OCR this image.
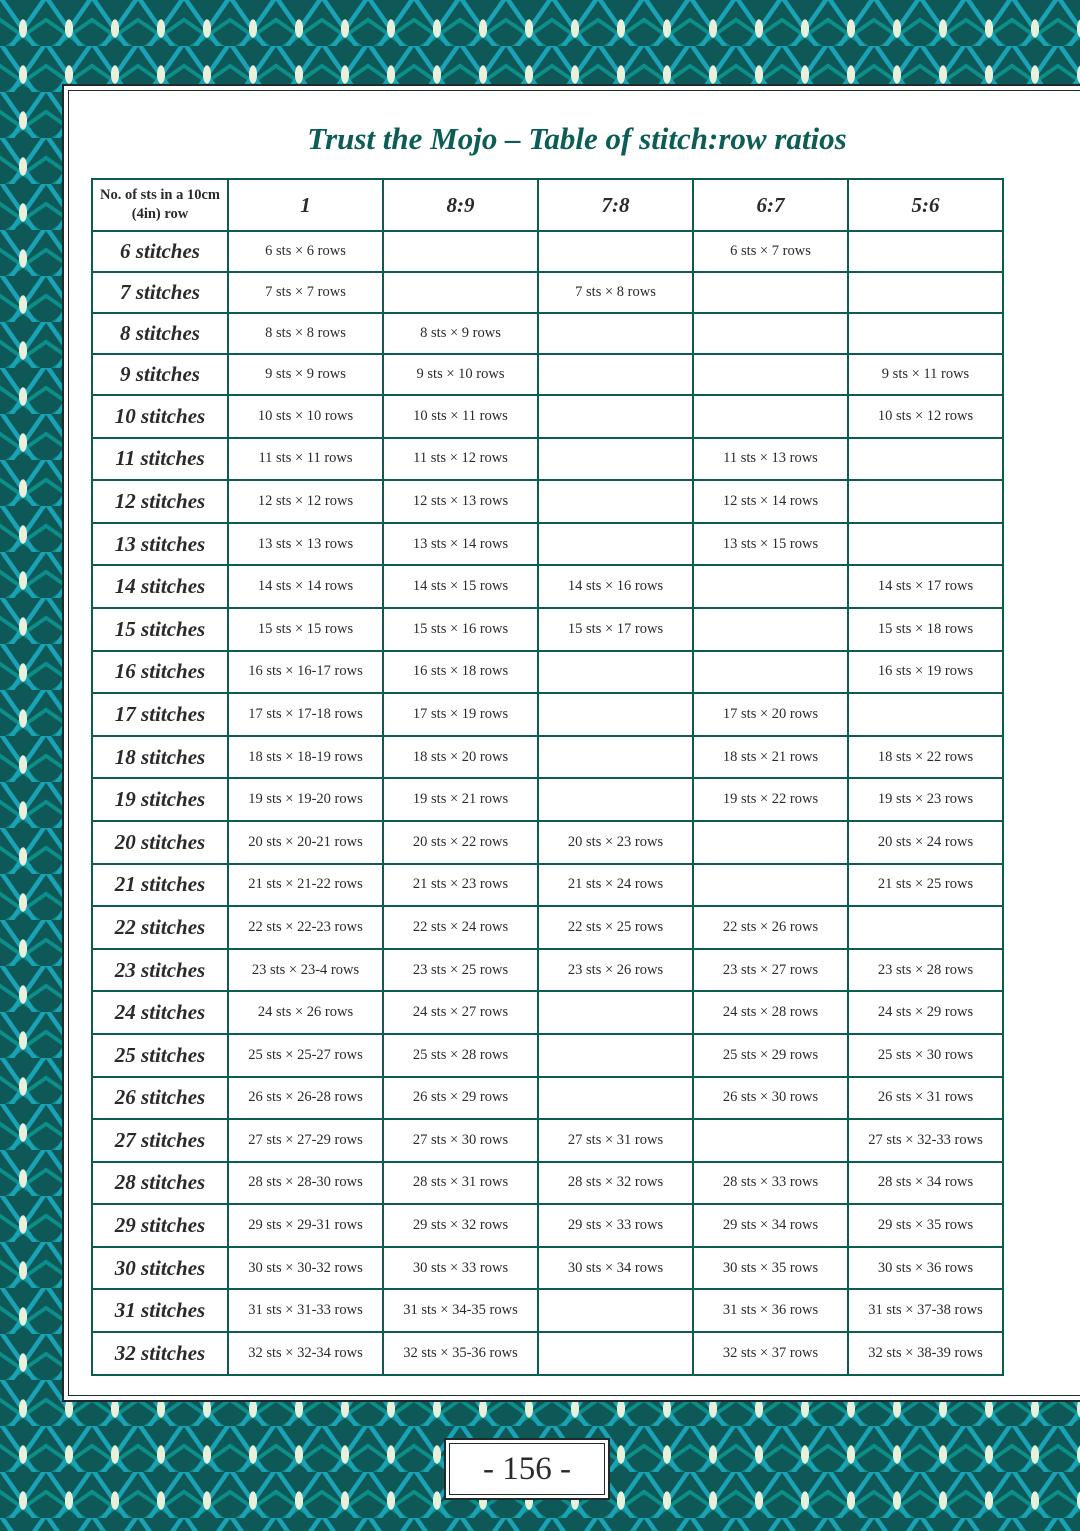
Trust the Mojo – Table of stitch:row ratios
No. of sts in a 10cm (4in) row	1	8:9	7:8	6:7	5:6
6 stitches	6 sts × 6 rows			6 sts × 7 rows	
7 stitches	7 sts × 7 rows		7 sts × 8 rows		
8 stitches	8 sts × 8 rows	8 sts × 9 rows			
9 stitches	9 sts × 9 rows	9 sts × 10 rows			9 sts × 11 rows
10 stitches	10 sts × 10 rows	10 sts × 11 rows			10 sts × 12 rows
11 stitches	11 sts × 11 rows	11 sts × 12 rows		11 sts × 13 rows	
12 stitches	12 sts × 12 rows	12 sts × 13 rows		12 sts × 14 rows	
13 stitches	13 sts × 13 rows	13 sts × 14 rows		13 sts × 15 rows	
14 stitches	14 sts × 14 rows	14 sts × 15 rows	14 sts × 16 rows		14 sts × 17 rows
15 stitches	15 sts × 15 rows	15 sts × 16 rows	15 sts × 17 rows		15 sts × 18 rows
16 stitches	16 sts × 16-17 rows	16 sts × 18 rows			16 sts × 19 rows
17 stitches	17 sts × 17-18 rows	17 sts × 19 rows		17 sts × 20 rows	
18 stitches	18 sts × 18-19 rows	18 sts × 20 rows		18 sts × 21 rows	18 sts × 22 rows
19 stitches	19 sts × 19-20 rows	19 sts × 21 rows		19 sts × 22 rows	19 sts × 23 rows
20 stitches	20 sts × 20-21 rows	20 sts × 22 rows	20 sts × 23 rows		20 sts × 24 rows
21 stitches	21 sts × 21-22 rows	21 sts × 23 rows	21 sts × 24 rows		21 sts × 25 rows
22 stitches	22 sts × 22-23 rows	22 sts × 24 rows	22 sts × 25 rows	22 sts × 26 rows	
23 stitches	23 sts × 23-4 rows	23 sts × 25 rows	23 sts × 26 rows	23 sts × 27 rows	23 sts × 28 rows
24 stitches	24 sts × 26 rows	24 sts × 27 rows		24 sts × 28 rows	24 sts × 29 rows
25 stitches	25 sts × 25-27 rows	25 sts × 28 rows		25 sts × 29 rows	25 sts × 30 rows
26 stitches	26 sts × 26-28 rows	26 sts × 29 rows		26 sts × 30 rows	26 sts × 31 rows
27 stitches	27 sts × 27-29 rows	27 sts × 30 rows	27 sts × 31 rows		27 sts × 32-33 rows
28 stitches	28 sts × 28-30 rows	28 sts × 31 rows	28 sts × 32 rows	28 sts × 33 rows	28 sts × 34 rows
29 stitches	29 sts × 29-31 rows	29 sts × 32 rows	29 sts × 33 rows	29 sts × 34 rows	29 sts × 35 rows
30 stitches	30 sts × 30-32 rows	30 sts × 33 rows	30 sts × 34 rows	30 sts × 35 rows	30 sts × 36 rows
31 stitches	31 sts × 31-33 rows	31 sts × 34-35 rows		31 sts × 36 rows	31 sts × 37-38 rows
32 stitches	32 sts × 32-34 rows	32 sts × 35-36 rows		32 sts × 37 rows	32 sts × 38-39 rows
- 156 -
